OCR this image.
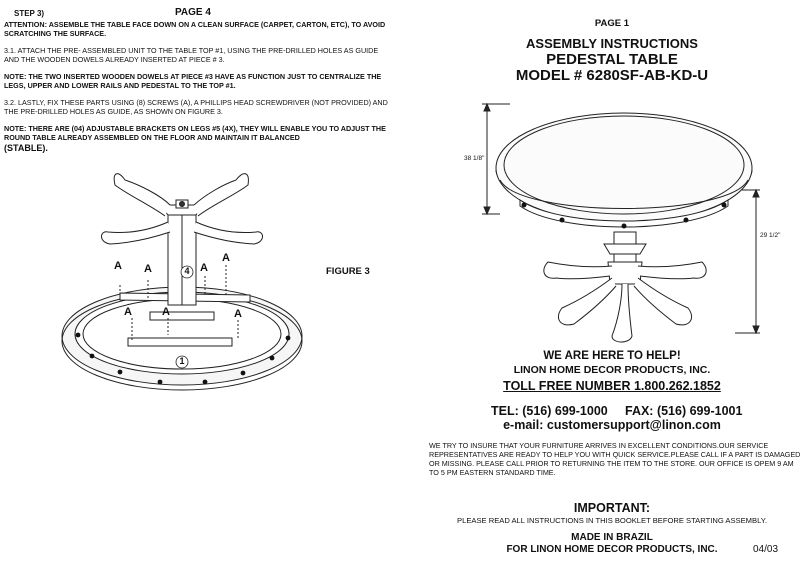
STEP 3)	PAGE 4
ATTENTION: ASSEMBLE THE TABLE FACE DOWN ON A CLEAN SURFACE (CARPET, CARTON, ETC), TO AVOID SCRATCHING THE SURFACE.
3.1. ATTACH THE PRE- ASSEMBLED UNIT TO THE TABLE TOP #1, USING THE PRE-DRILLED HOLES AS GUIDE AND THE WOODEN DOWELS ALREADY INSERTED AT PIECE # 3.
NOTE: THE TWO INSERTED WOODEN DOWELS AT PIECE #3 HAVE AS FUNCTION JUST TO CENTRALIZE THE LEGS, UPPER AND LOWER RAILS AND PEDESTAL TO THE TOP #1.
3.2. LASTLY, FIX THESE PARTS USING (8) SCREWS (A), A PHILLIPS HEAD SCREWDRIVER (NOT PROVIDED) AND THE PRE-DRILLED HOLES AS GUIDE, AS SHOWN ON FIGURE 3.
NOTE: THERE ARE (04) ADJUSTABLE BRACKETS ON LEGS #5 (4X), THEY WILL ENABLE YOU TO ADJUST THE ROUND TABLE ALREADY ASSEMBLED ON THE FLOOR AND MAINTAIN IT BALANCED
(STABLE).
FIGURE 3
A A	A
A
A	A	A
4
1
PAGE 1
ASSEMBLY INSTRUCTIONS
PEDESTAL TABLE
MODEL # 6280SF-AB-KD-U
38 1/8"
29 1/2"
WE ARE HERE TO HELP!
LINON HOME DECOR PRODUCTS, INC.
TOLL FREE NUMBER 1.800.262.1852
TEL: (516) 699-1000 FAX: (516) 699-1001
e-mail: customersupport@linon.com
WE TRY TO INSURE THAT YOUR FURNITURE ARRIVES IN EXCELLENT CONDITIONS.OUR SERVICE REPRESENTATIVES ARE READY TO HELP YOU WITH QUICK SERVICE.PLEASE CALL IF A PART IS DAMAGED OR MISSING. PLEASE CALL PRIOR TO RETURNING THE ITEM TO THE STORE. OUR OFFICE IS OPEM 9 AM TO 5 PM EASTERN STANDARD TIME.
IMPORTANT:
PLEASE READ ALL INSTRUCTIONS IN THIS BOOKLET BEFORE STARTING ASSEMBLY.
MADE IN BRAZIL
FOR LINON HOME DECOR PRODUCTS, INC.	04/03
